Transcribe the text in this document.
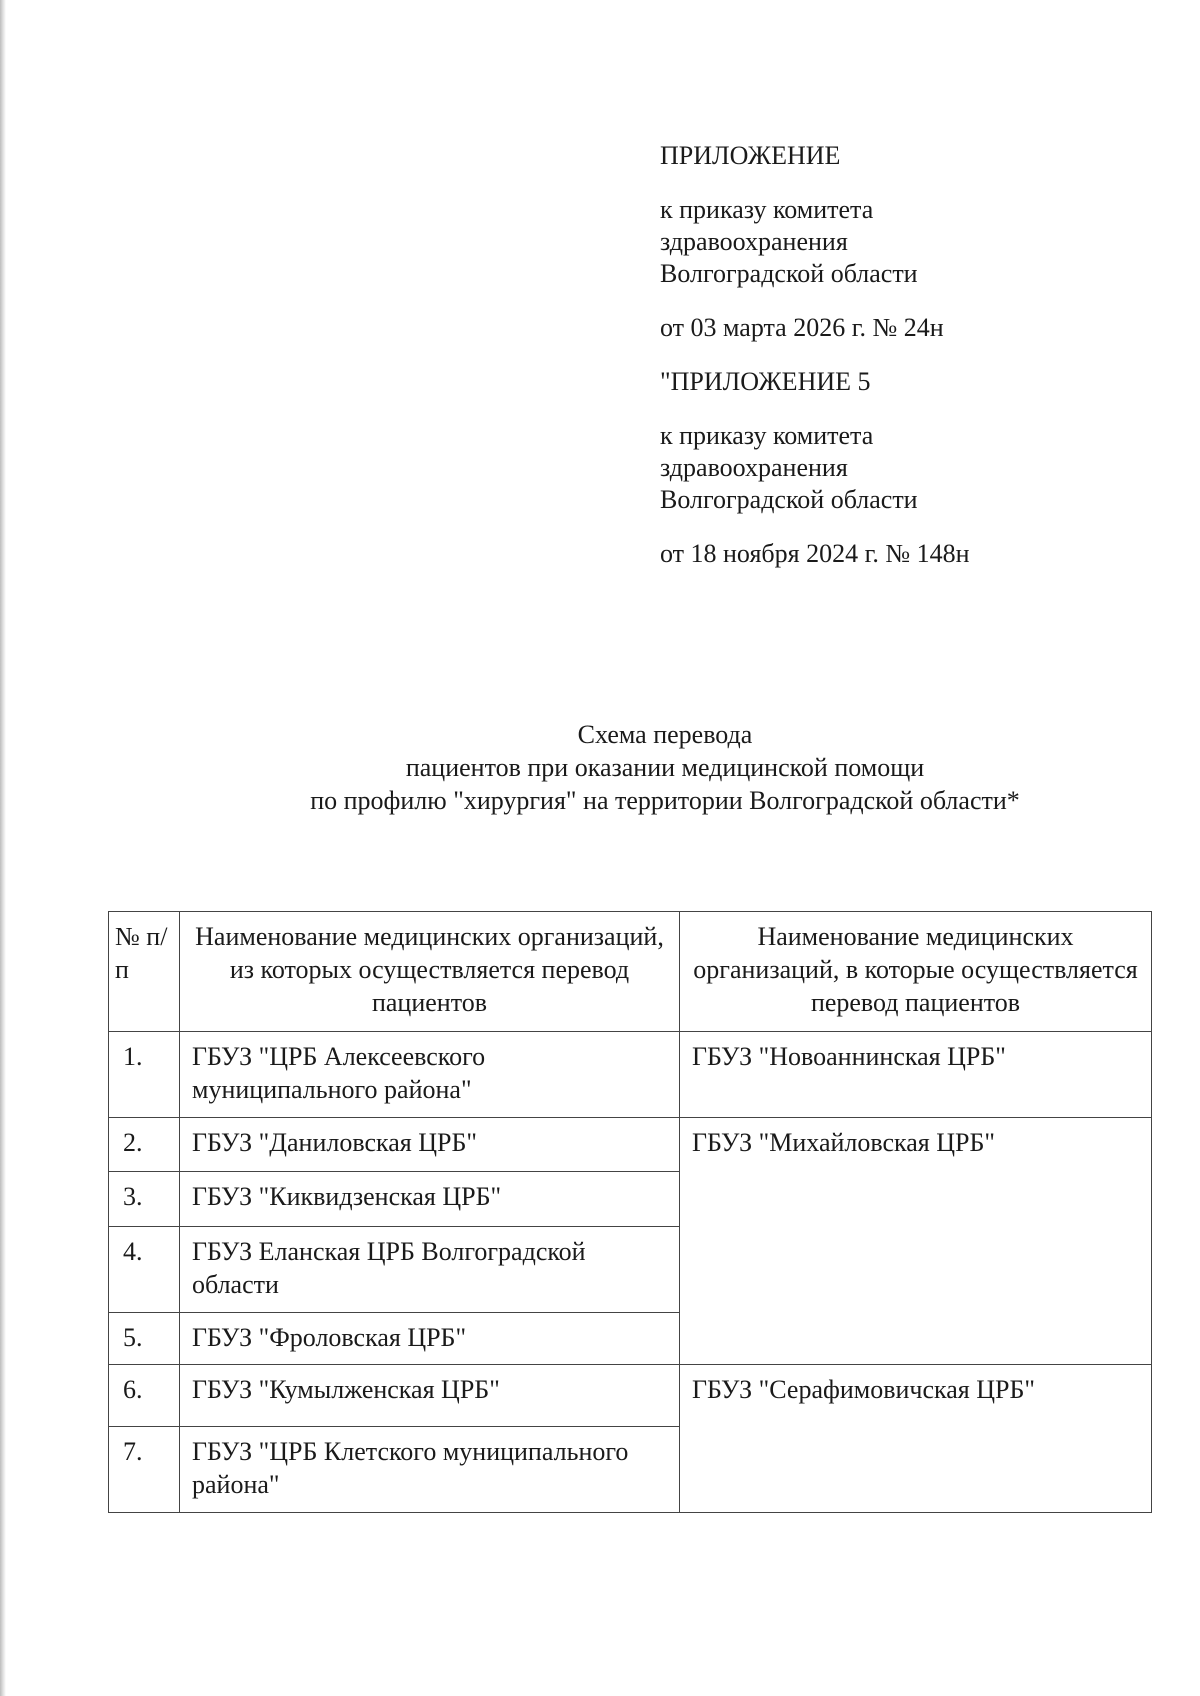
ПРИЛОЖЕНИЕ
к приказу комитета
здравоохранения
Волгоградской области
от 03 марта 2026 г. № 24н
"ПРИЛОЖЕНИЕ 5
к приказу комитета
здравоохранения
Волгоградской области
от 18 ноября 2024 г. № 148н
Схема перевода
пациентов при оказании медицинской помощи
по профилю "хирургия" на территории Волгоградской области*
№ п/п	Наименование медицинских организаций, из которых осуществляется перевод пациентов	Наименование медицинских организаций, в которые осуществляется перевод пациентов
1.	ГБУЗ "ЦРБ Алексеевского муниципального района"	ГБУЗ "Новоаннинская ЦРБ"
2.	ГБУЗ "Даниловская ЦРБ"	ГБУЗ "Михайловская ЦРБ"
3.	ГБУЗ "Киквидзенская ЦРБ"	
4.	ГБУЗ Еланская ЦРБ Волгоградской области	
5.	ГБУЗ "Фроловская ЦРБ"	
6.	ГБУЗ "Кумылженская ЦРБ"	ГБУЗ "Серафимовичская ЦРБ"
7.	ГБУЗ "ЦРБ Клетского муниципального района"	
